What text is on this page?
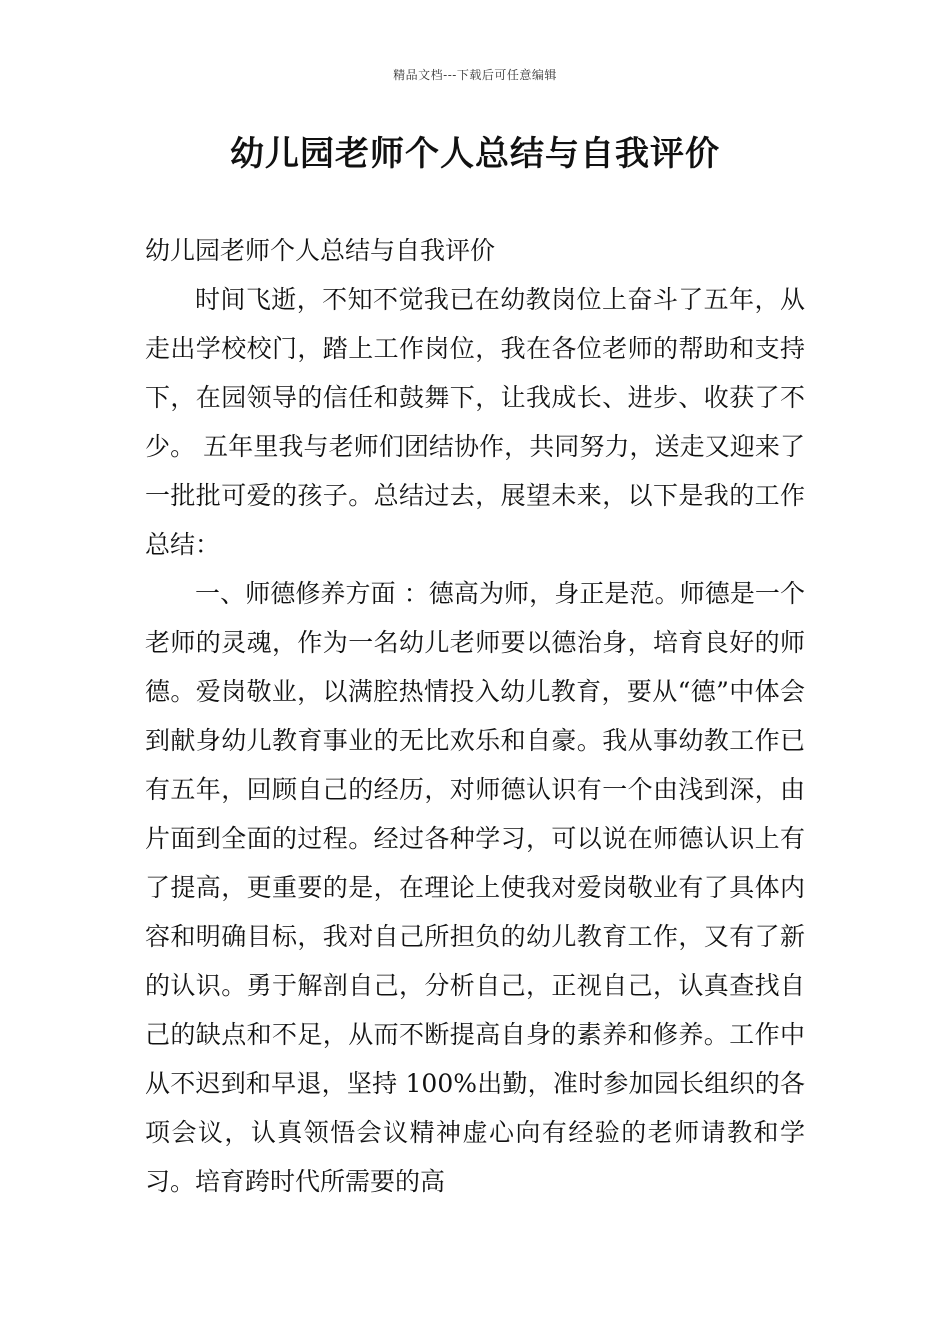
精品文档---下载后可任意编辑
幼儿园老师个人总结与自我评价

幼儿园老师个人总结与自我评价

时间飞逝，不知不觉我已在幼教岗位上奋斗了五年，从走出学校校门，踏上工作岗位，我在各位老师的帮助和支持下，在园领导的信任和鼓舞下，让我成长、进步、收获了不少。 五年里我与老师们团结协作，共同努力，送走又迎来了一批批可爱的孩子。总结过去，展望未来，以下是我的工作总结：

一、师德修养方面 ：德高为师，身正是范。师德是一个老师的灵魂，作为一名幼儿老师要以德治身，培育良好的师德。爱岗敬业，以满腔热情投入幼儿教育，要从“德”中体会到献身幼儿教育事业的无比欢乐和自豪。我从事幼教工作已有五年，回顾自己的经历，对师德认识有一个由浅到深，由片面到全面的过程。经过各种学习，可以说在师德认识上有了提高，更重要的是，在理论上使我对爱岗敬业有了具体内容和明确目标，我对自己所担负的幼儿教育工作，又有了新的认识。勇于解剖自己，分析自己，正视自己，认真查找自己的缺点和不足，从而不断提高自身的素养和修养。工作中从不迟到和早退，坚持 100%出勤，准时参加园长组织的各项会议，认真领悟会议精神虚心向有经验的老师请教和学习。培育跨时代所需要的高
